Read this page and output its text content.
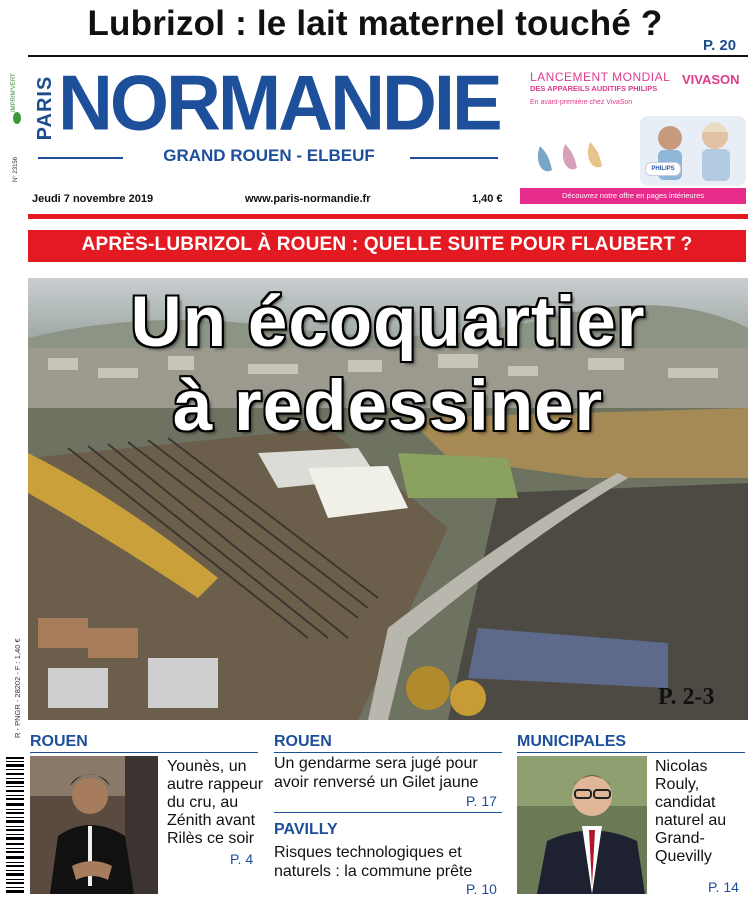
Lubrizol : le lait maternel touché ?
P. 20
IMPRIM'VERT
N° 23156
PARIS NORMANDIE
GRAND ROUEN - ELBEUF
Jeudi 7 novembre 2019	www.paris-normandie.fr	1,40 €
LANCEMENT MONDIAL
DES APPAREILS AUDITIFS PHILIPS
En avant-première chez VivaSon
VIVASON
PHILIPS
Découvrez notre offre en pages intérieures
APRÈS-LUBRIZOL À ROUEN : QUELLE SUITE POUR FLAUBERT ?
Un écoquartier
à redessiner
P. 2-3
R - PNGR - 28202 - F : 1,40 €
ROUEN
Younès, un autre rappeur du cru, au Zénith avant Rilès ce soir
P. 4
ROUEN
Un gendarme sera jugé pour avoir renversé un Gilet jaune
P. 17
PAVILLY
Risques technologiques et naturels : la commune prête
P. 10
MUNICIPALES
Nicolas Rouly, candidat naturel au Grand-Quevilly
P. 14
